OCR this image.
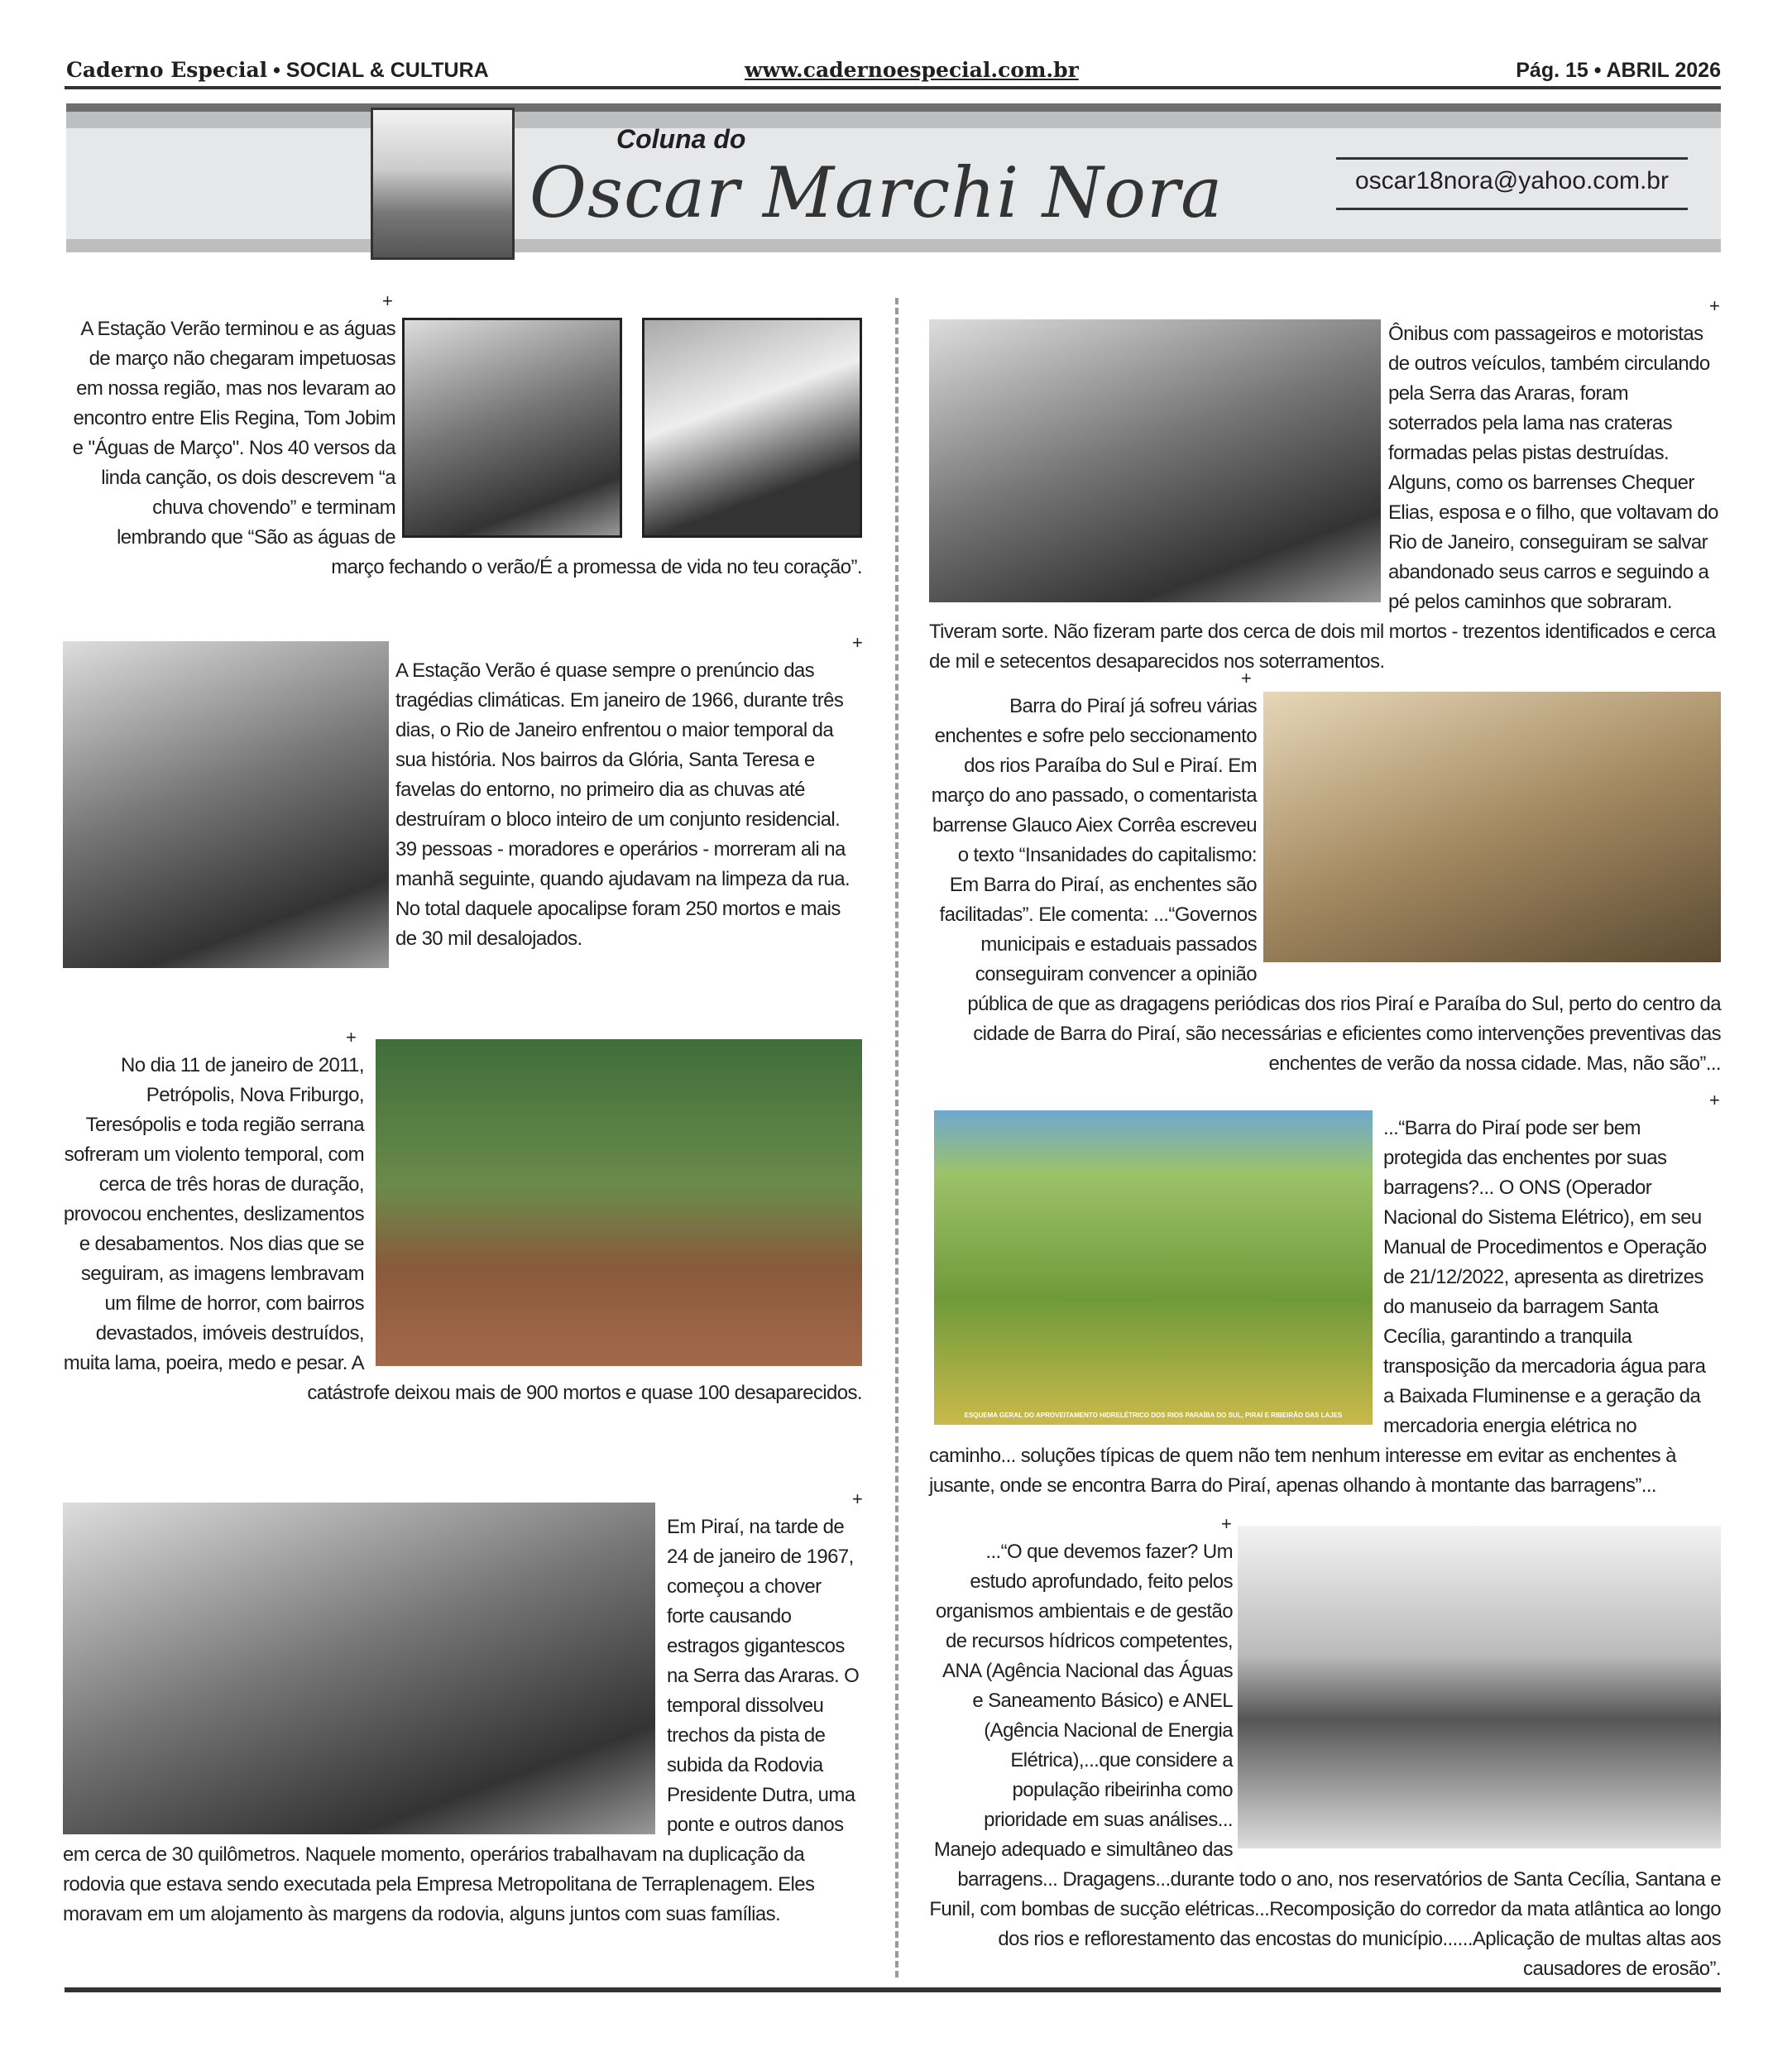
Caderno Especial • SOCIAL & CULTURA	www.cadernoespecial.com.br	Pág. 15 • ABRIL 2026
Coluna do
Oscar Marchi Nora	oscar18nora@yahoo.com.br
+

A Estação Verão terminou e as águas de março não chegaram impetuosas em nossa região, mas nos levaram ao encontro entre Elis Regina, Tom Jobim e "Águas de Março". Nos 40 versos da linda canção, os dois descrevem “a chuva chovendo” e terminam lembrando que “São as águas de março fechando o verão/É a promessa de vida no teu coração”.

+

A Estação Verão é quase sempre o prenúncio das tragédias climáticas. Em janeiro de 1966, durante três dias, o Rio de Janeiro enfrentou o maior temporal da sua história. Nos bairros da Glória, Santa Teresa e favelas do entorno, no primeiro dia as chuvas até destruíram o bloco inteiro de um conjunto residencial. 39 pessoas - moradores e operários - morreram ali na manhã seguinte, quando ajudavam na limpeza da rua. No total daquele apocalipse foram 250 mortos e mais de 30 mil desalojados.

+

No dia 11 de janeiro de 2011, Petrópolis, Nova Friburgo, Teresópolis e toda região serrana sofreram um violento temporal, com cerca de três horas de duração, provocou enchentes, deslizamentos e desabamentos. Nos dias que se seguiram, as imagens lembravam um filme de horror, com bairros devastados, imóveis destruídos, muita lama, poeira, medo e pesar. A catástrofe deixou mais de 900 mortos e quase 100 desaparecidos.

+

Em Piraí, na tarde de 24 de janeiro de 1967, começou a chover forte causando estragos gigantescos na Serra das Araras. O temporal dissolveu trechos da pista de subida da Rodovia Presidente Dutra, uma ponte e outros danos em cerca de 30 quilômetros. Naquele momento, operários trabalhavam na duplicação da rodovia que estava sendo executada pela Empresa Metropolitana de Terraplenagem. Eles moravam em um alojamento às margens da rodovia, alguns juntos com suas famílias.

+

Ônibus com passageiros e motoristas de outros veículos, também circulando pela Serra das Araras, foram soterrados pela lama nas crateras formadas pelas pistas destruídas. Alguns, como os barrenses Chequer Elias, esposa e o filho, que voltavam do Rio de Janeiro, conseguiram se salvar abandonado seus carros e seguindo a pé pelos caminhos que sobraram. Tiveram sorte. Não fizeram parte dos cerca de dois mil mortos - trezentos identificados e cerca de mil e setecentos desaparecidos nos soterramentos.

+

Barra do Piraí já sofreu várias enchentes e sofre pelo seccionamento dos rios Paraíba do Sul e Piraí. Em março do ano passado, o comentarista barrense Glauco Aiex Corrêa escreveu o texto “Insanidades do capitalismo: Em Barra do Piraí, as enchentes são facilitadas”. Ele comenta: ...“Governos municipais e estaduais passados conseguiram convencer a opinião pública de que as dragagens periódicas dos rios Piraí e Paraíba do Sul, perto do centro da cidade de Barra do Piraí, são necessárias e eficientes como intervenções preventivas das enchentes de verão da nossa cidade. Mas, não são”...

+
ESQUEMA GERAL DO APROVEITAMENTO HIDRELÉTRICO DOS RIOS PARAÍBA DO SUL, PIRAÍ E RIBEIRÃO DAS LAJES

...“Barra do Piraí pode ser bem protegida das enchentes por suas barragens?... O ONS (Operador Nacional do Sistema Elétrico), em seu Manual de Procedimentos e Operação de 21/12/2022, apresenta as diretrizes do manuseio da barragem Santa Cecília, garantindo a tranquila transposição da mercadoria água para a Baixada Fluminense e a geração da mercadoria energia elétrica no caminho... soluções típicas de quem não tem nenhum interesse em evitar as enchentes à jusante, onde se encontra Barra do Piraí, apenas olhando à montante das barragens”...

+

...“O que devemos fazer? Um estudo aprofundado, feito pelos organismos ambientais e de gestão de recursos hídricos competentes, ANA (Agência Nacional das Águas e Saneamento Básico) e ANEL (Agência Nacional de Energia Elétrica),...que considere a população ribeirinha como prioridade em suas análises... Manejo adequado e simultâneo das barragens... Dragagens...durante todo o ano, nos reservatórios de Santa Cecília, Santana e Funil, com bombas de sucção elétricas...Recomposição do corredor da mata atlântica ao longo dos rios e reflorestamento das encostas do município......Aplicação de multas altas aos causadores de erosão”.
